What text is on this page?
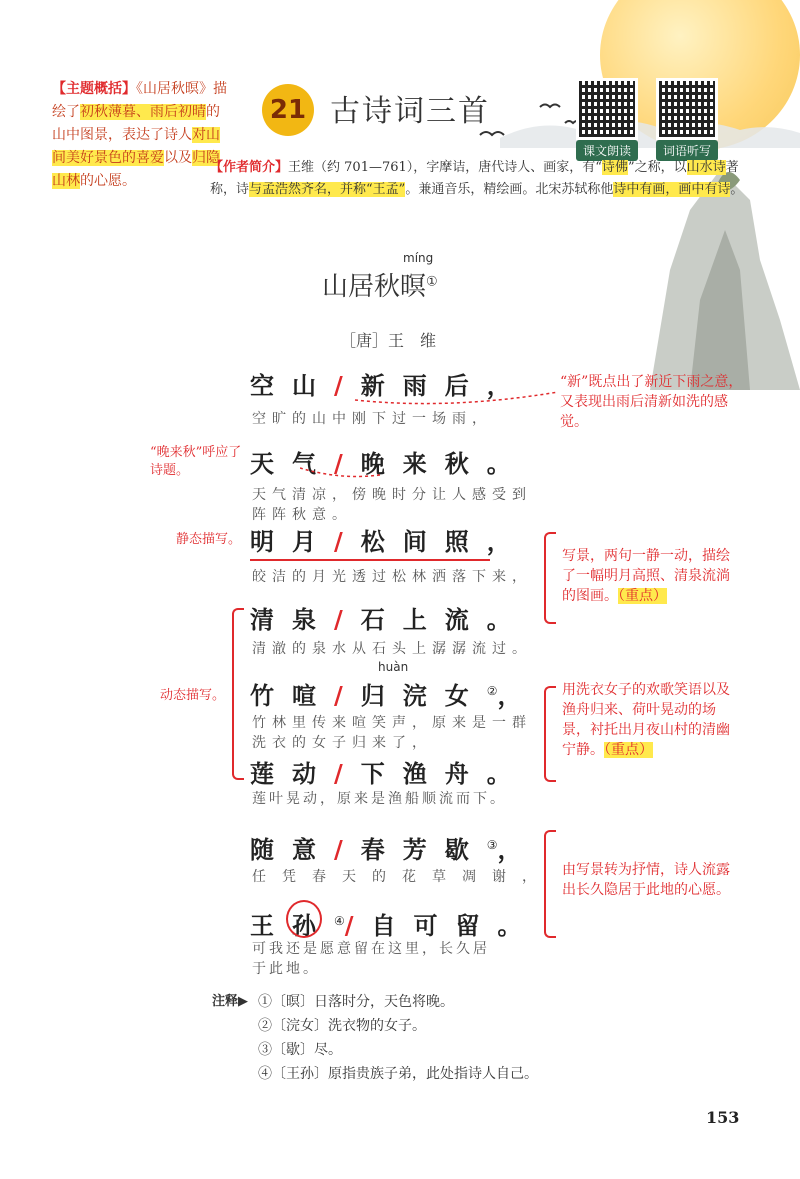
21 古诗词三首
课文朗读	词语听写
【主题概括】《山居秋暝》描绘了初秋薄暮、雨后初晴的山中图景，表达了诗人对山间美好景色的喜爱以及归隐山林的心愿。
【作者简介】王维（约 701—761），字摩诘，唐代诗人、画家，有“诗佛”之称，以山水诗著称，诗与孟浩然齐名，并称“王孟”。兼通音乐，精绘画。北宋苏轼称他诗中有画，画中有诗。
míng
山居秋暝①
［唐］王　维
空山/新雨后，
空旷的山中刚下过一场雨，
天气/晚来秋。
天气清凉，傍晚时分让人感受到
阵阵秋意。
明月/松间照，
皎洁的月光透过松林洒落下来，
清泉/石上流。
清澈的泉水从石头上潺潺流过。
huàn
竹喧/归浣女②，
竹林里传来喧笑声，原来是一群
洗衣的女子归来了，
莲动/下渔舟。
莲叶晃动，原来是渔船顺流而下。
随意/春芳歇③，
任凭春天的花草凋谢，
王孙④/自可留。
可我还是愿意留在这里，长久居
于此地。
“新”既点出了新近下雨之意，又表现出雨后清新如洗的感觉。
“晚来秋”呼应了诗题。
静态描写。
动态描写。
写景，两句一静一动，描绘了一幅明月高照、清泉流淌的图画。（重点）
用洗衣女子的欢歌笑语以及渔舟归来、荷叶晃动的场景，衬托出月夜山村的清幽宁静。（重点）
由写景转为抒情，诗人流露出长久隐居于此地的心愿。
注释▶ ①〔暝〕日落时分，天色将晚。
②〔浣女〕洗衣物的女子。
③〔歇〕尽。
④〔王孙〕原指贵族子弟，此处指诗人自己。
153
